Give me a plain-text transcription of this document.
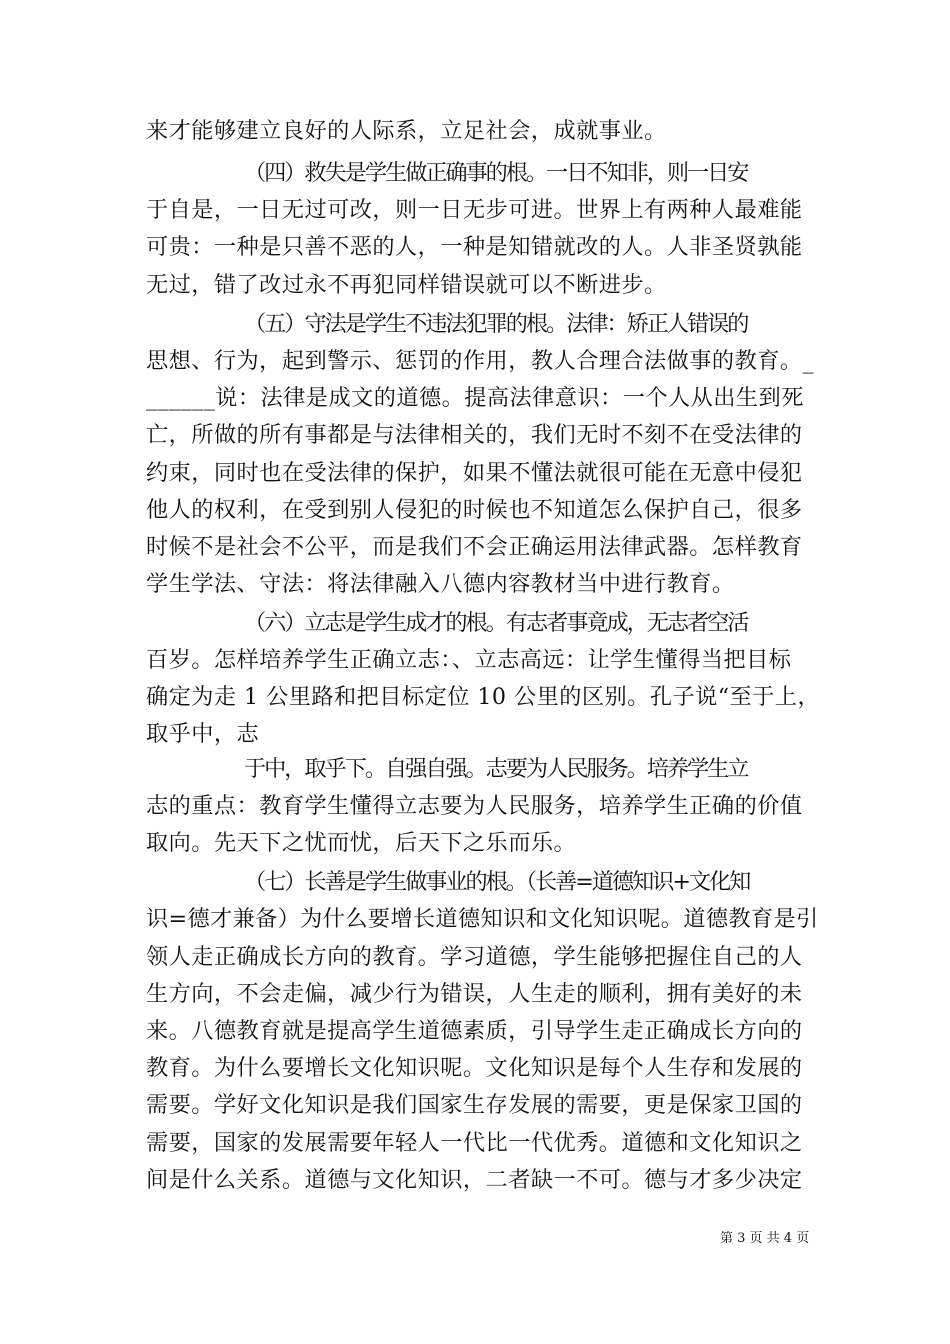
来才能够建立良好的人际系，立足社会，成就事业。
（四）救失是学生做正确事的根。一日不知非，则一日安
于自是，一日无过可改，则一日无步可进。世界上有两种人最难能
可贵：一种是只善不恶的人，一种是知错就改的人。人非圣贤孰能
无过，错了改过永不再犯同样错误就可以不断进步。
（五）守法是学生不违法犯罪的根。法律：矫正人错误的
思想、行为，起到警示、惩罚的作用，教人合理合法做事的教育。_
______说：法律是成文的道德。提高法律意识：一个人从出生到死
亡，所做的所有事都是与法律相关的，我们无时不刻不在受法律的
约束，同时也在受法律的保护，如果不懂法就很可能在无意中侵犯
他人的权利，在受到别人侵犯的时候也不知道怎么保护自己，很多
时候不是社会不公平，而是我们不会正确运用法律武器。怎样教育
学生学法、守法：将法律融入八德内容教材当中进行教育。
（六）立志是学生成才的根。有志者事竟成，无志者空活
百岁。怎样培养学生正确立志：、立志高远：让学生懂得当把目标
确定为走 1 公里路和把目标定位 10 公里的区别。孔子说“至于上，
取乎中，志
于中，取乎下。自强自强。志要为人民服务。培养学生立
志的重点：教育学生懂得立志要为人民服务，培养学生正确的价值
取向。先天下之忧而忧，后天下之乐而乐。
（七）长善是学生做事业的根。（长善=道德知识+文化知
识=德才兼备）为什么要增长道德知识和文化知识呢。道德教育是引
领人走正确成长方向的教育。学习道德，学生能够把握住自己的人
生方向，不会走偏，减少行为错误，人生走的顺利，拥有美好的未
来。八德教育就是提高学生道德素质，引导学生走正确成长方向的
教育。为什么要增长文化知识呢。文化知识是每个人生存和发展的
需要。学好文化知识是我们国家生存发展的需要，更是保家卫国的
需要，国家的发展需要年轻人一代比一代优秀。道德和文化知识之
间是什么关系。道德与文化知识，二者缺一不可。德与才多少决定
第 3 页 共 4 页
